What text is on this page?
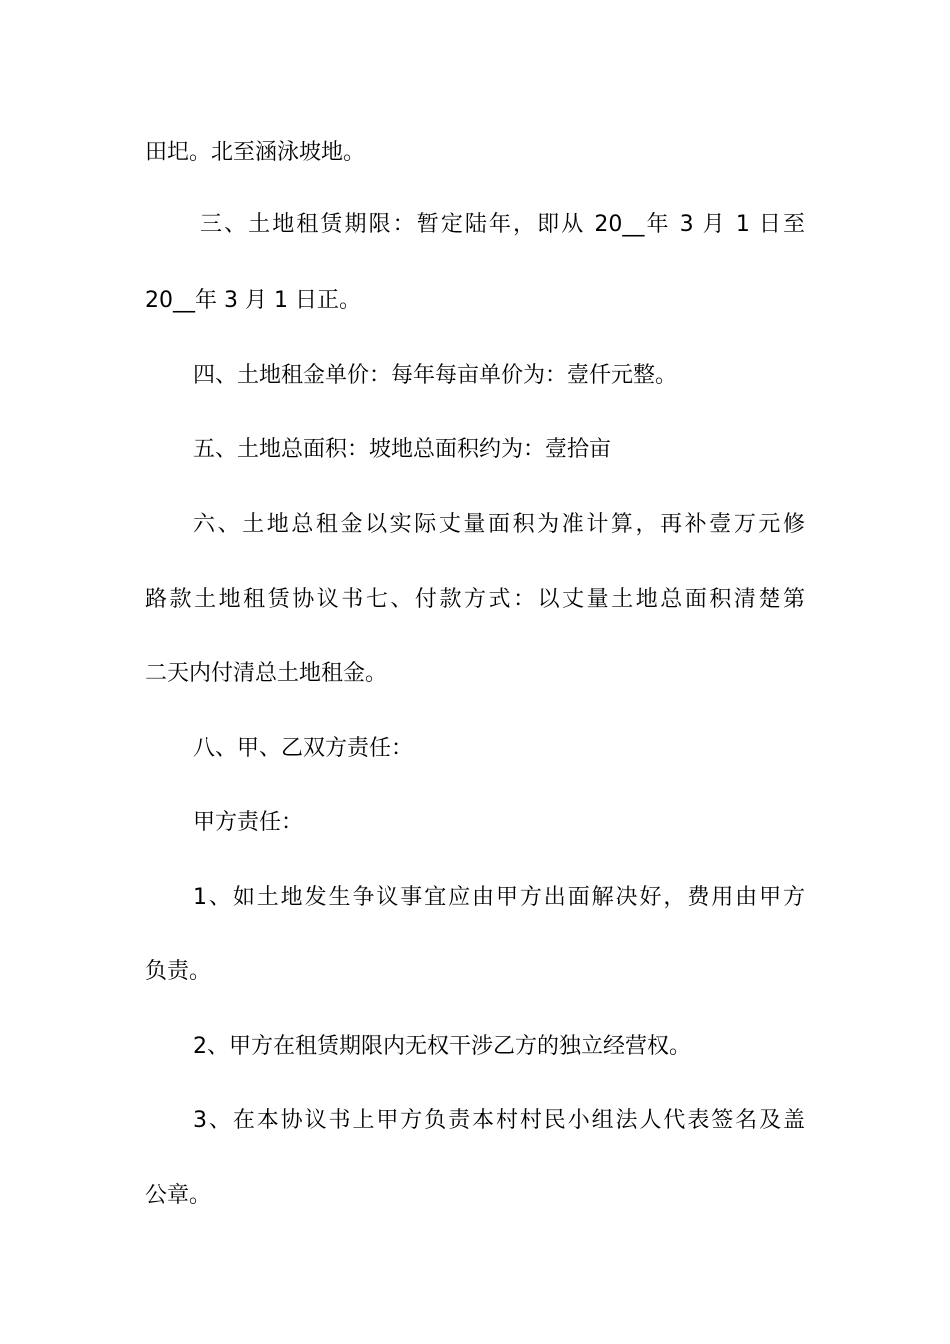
田圯。北至涵泳坡地。

三、土地租赁期限：暂定陆年，即从 20__年 3 月 1 日至

20__年 3 月 1 日正。

四、土地租金单价：每年每亩单价为：壹仟元整。

五、土地总面积：坡地总面积约为：壹拾亩

六、土地总租金以实际丈量面积为准计算，再补壹万元修

路款土地租赁协议书七、付款方式：以丈量土地总面积清楚第

二天内付清总土地租金。

八、甲、乙双方责任：

甲方责任：

1、如土地发生争议事宜应由甲方出面解决好，费用由甲方

负责。

2、甲方在租赁期限内无权干涉乙方的独立经营权。

3、在本协议书上甲方负责本村村民小组法人代表签名及盖

公章。
